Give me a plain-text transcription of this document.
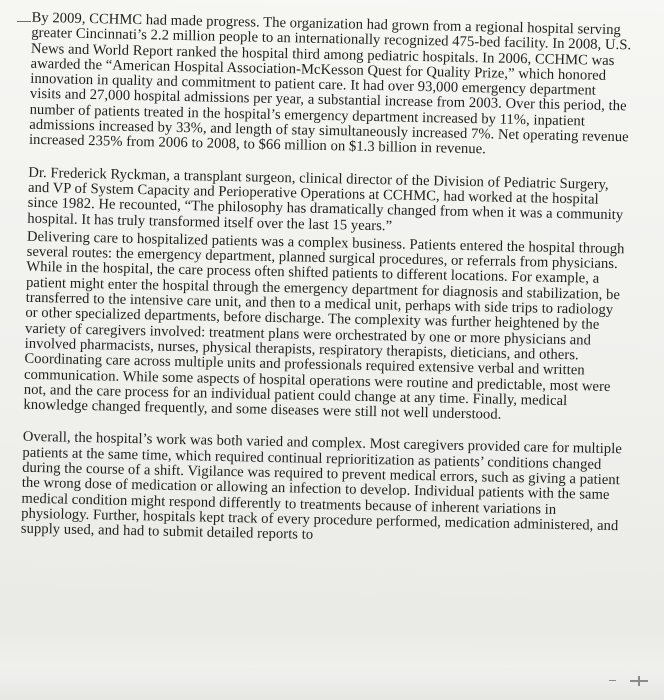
By 2009, CCHMC had made progress. The organization had grown from a regional hospital serving greater Cincinnati’s 2.2 million people to an internationally recognized 475-bed facility. In 2008, U.S. News and World Report ranked the hospital third among pediatric hospitals. In 2006, CCHMC was awarded the “American Hospital Association-McKesson Quest for Quality Prize,” which honored innovation in quality and commitment to patient care. It had over 93,000 emergency department visits and 27,000 hospital admissions per year, a substantial increase from 2003. Over this period, the number of patients treated in the hospital’s emergency department increased by 11%, inpatient admissions increased by 33%, and length of stay simultaneously increased 7%. Net operating revenue increased 235% from 2006 to 2008, to $66 million on $1.3 billion in revenue.

Dr. Frederick Ryckman, a transplant surgeon, clinical director of the Division of Pediatric Surgery, and VP of System Capacity and Perioperative Operations at CCHMC, had worked at the hospital since 1982. He recounted, “The philosophy has dramatically changed from when it was a community hospital. It has truly transformed itself over the last 15 years.”

Delivering care to hospitalized patients was a complex business. Patients entered the hospital through several routes: the emergency department, planned surgical procedures, or referrals from physicians. While in the hospital, the care process often shifted patients to different locations. For example, a patient might enter the hospital through the emergency department for diagnosis and stabilization, be transferred to the intensive care unit, and then to a medical unit, perhaps with side trips to radiology or other specialized departments, before discharge. The complexity was further heightened by the variety of caregivers involved: treatment plans were orchestrated by one or more physicians and involved pharmacists, nurses, physical therapists, respiratory therapists, dieticians, and others. Coordinating care across multiple units and professionals required extensive verbal and written communication. While some aspects of hospital operations were routine and predictable, most were not, and the care process for an individual patient could change at any time. Finally, medical knowledge changed frequently, and some diseases were still not well understood.

Overall, the hospital’s work was both varied and complex. Most caregivers provided care for multiple patients at the same time, which required continual reprioritization as patients’ conditions changed during the course of a shift. Vigilance was required to prevent medical errors, such as giving a patient the wrong dose of medication or allowing an infection to develop. Individual patients with the same medical condition might respond differently to treatments because of inherent variations in physiology. Further, hospitals kept track of every procedure performed, medication administered, and supply used, and had to submit detailed reports to
